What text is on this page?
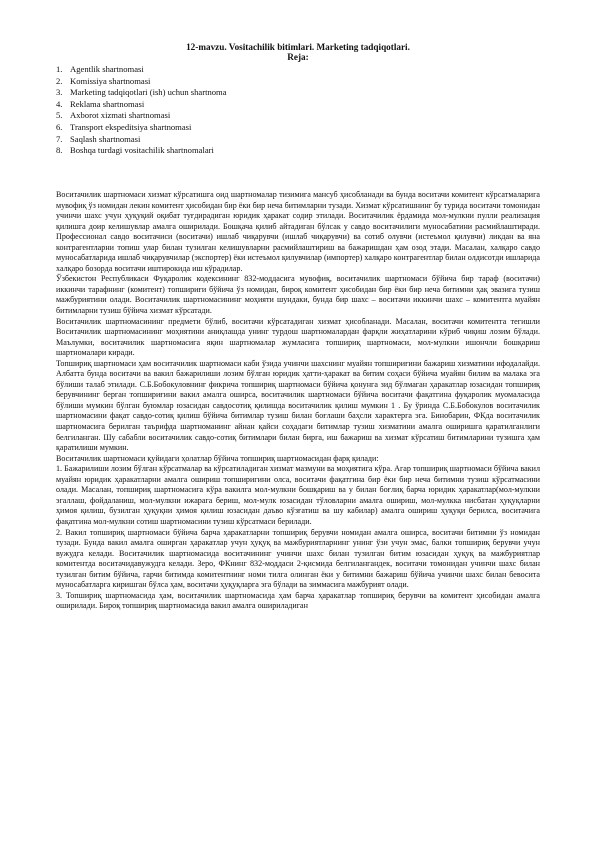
12-mavzu. Vositachilik bitimlari. Marketing tadqiqotlari.
Reja:
1. Agentlik shartnomasi
2. Komissiya shartnomasi
3. Marketing tadqiqotlari (ish) uchun shartnoma
4. Reklama shartnomasi
5. Axborot xizmati shartnomasi
6. Transport ekspeditsiya shartnomasi
7. Saqlash shartnomasi
8. Boshqa turdagi vositachilik shartnomalari

Воситачилик шартномаси хизмат кўрсатишга оид шартномалар тизимига мансуб ҳисобланади ва бунда воситачи комитент кўрсатмаларига мувофиқ ўз номидан лекин комитент ҳисобидан бир ёки бир неча битимларни тузади. Хизмат кўрсатишнинг бу турида воситачи томонидан учинчи шахс учун ҳуқуқий оқибат туғдирадиган юридик ҳаракат содир этилади. Воситачилик ёрдамида мол-мулкни пулли реализация қилишга доир келишувлар амалга оширилади. Бошқача қилиб айтадиган бўлсак у савдо воситачилиги муносабатини расмийлаштиради. Профессионал савдо воситачиси (воситачи) ишлаб чиқарувчи (ишлаб чиқарувчи) ва сотиб олувчи (истеъмол қилувчи) ликдан ва яна контрагентларни топиш улар билан тузилган келишувларни расмийлаштириш ва бажаришдан ҳам озод этади. Масалан, халқаро савдо муносабатларида ишлаб чиқарувчилар (экспортер) ёки истеъмол қилувчилар (импортер) халқаро контрагентлар билан олдисотди ишларида халқаро бозорда воситачи иштирокида иш кўрадилар.

Ўзбекистон Республикаси Фуқаролик кодексининг 832-моддасига мувофиқ, воситачилик шартномаси бўйича бир тараф (воситачи) иккинчи тарафнинг (комитент) топшириғи бўйича ўз номидан, бироқ комитент ҳисобидан бир ёки бир неча битимни ҳақ эвазига тузиш мажбуриятини олади. Воситачилик шартномасининг моҳияти шундаки, бунда бир шахс – воситачи иккинчи шахс – комитентга муайян битимларни тузиш бўйича хизмат кўрсатади.

Воситачилик шартномасининг предмети бўлиб, воситачи кўрсатадиган хизмат ҳисобланади. Масалан, воситачи комитентга тегишли Воситачилик шартномасининг моҳиятини аниқлашда унинг турдош шартномалардан фарқли жиҳатларини кўриб чиқиш лозим бўлади. Маълумки, воситачилик шартномасига яқин шартномалар жумласига топшириқ шартномаси, мол-мулкни ишончли бошқариш шартномалари киради.

Топшириқ шартномаси ҳам воситачилик шартномаси каби ўзида учинчи шахснинг муайян топшириғини бажариш хизматини ифодалайди. Албатта бунда воситачи ва вакил бажарилиши лозим бўлган юридик ҳатти-ҳаракат ва битим соҳаси бўйича муайян билим ва малака эга бўлиши талаб этилади. С.Б.Бобокуловнинг фикрича топшириқ шартномаси бўйича қонунга зид бўлмаган ҳаракатлар юзасидан топшириқ берувчининг берган топшириғини вакил амалга оширса, воситачилик шартномаси бўйича воситачи фақатгина фуқаролик муомаласида бўлиши мумкин бўлган буюмлар юзасидан савдосотиқ қилишда воситачилик қилиш мумкин 1 . Бу ўринда С.Б.Бобокулов воситачилик шартномасини фақат савдо-сотиқ қилиш бўйича битимлар тузиш билан боғлаши баҳсли характерга эга. Бинобарин, ФКда воситачилик шартномасига берилган таърифда шартноманинг айнан қайси соҳадаги битимлар тузиш хизматини амалга оширишга қаратилганлиги белгиланган. Шу сабабли воситачилик савдо-сотиқ битимлари билан бирга, иш бажариш ва хизмат кўрсатиш битимларини тузишга ҳам қаратилиши мумкин.

Воситачилик шартномаси қуйидаги ҳолатлар бўйича топшириқ шартномасидан фарқ қилади:

1. Бажарилиши лозим бўлган кўрсатмалар ва кўрсатиладиган хизмат мазмуни ва моҳиятига кўра. Агар топшириқ шартномаси бўйича вакил муайян юридик ҳаракатларни амалга ошириш топширигини олса, воситачи фақатгина бир ёки бир неча битимни тузиш кўрсатмасини олади. Масалан, топшириқ шартномасига кўра вакилга мол-мулкни бошқариш ва у билан боғлиқ барча юридик ҳаракатлар(мол-мулкни эгаллаш, фойдаланиш, мол-мулкни ижарага бериш, мол-мулк юзасидан тўловларни амалга ошириш, мол-мулкка нисбатан ҳуқуқларни ҳимоя қилиш, бузилган ҳуқуқни ҳимоя қилиш юзасидан даъво кўзғатиш ва шу кабилар) амалга ошириш ҳуқуқи берилса, воситачига фақатгина мол-мулкни сотиш шартномасини тузиш кўрсатмаси берилади.

2. Вакил топшириқ шартномаси бўйича барча ҳаракатларни топшириқ берувчи номидан амалга оширса, воситачи битимни ўз номидан тузади. Бунда вакил амалга оширган ҳаракатлар учун ҳуқуқ ва мажбуриятларнинг унинг ўзи учун эмас, балки топшириқ берувчи учун вужудга келади. Воситачилик шартномасида воситачининг учинчи шахс билан тузилган битим юзасидан ҳуқуқ ва мажбуриятлар комитентда воситачидавужудга келади. Зеро, ФКнинг 832-моддаси 2-қисмида белгилангандек, воситачи томонидан учинчи шахс билан тузилган битим бўйича, гарчи битимда комитентнинг номи тилга олинган ёки у битимни бажариш бўйича учинчи шахс билан бевосита муносабатларга киришган бўлса ҳам, воситачи ҳуқуқларга эга бўлади ва зиммасига мажбурият олади.

3. Топшириқ шартномасида ҳам, воситачилик шартномасида ҳам барча ҳаракатлар топшириқ берувчи ва комитент ҳисобидан амалга оширилади. Бироқ топшириқ шартномасида вакил амалга ошириладиган
